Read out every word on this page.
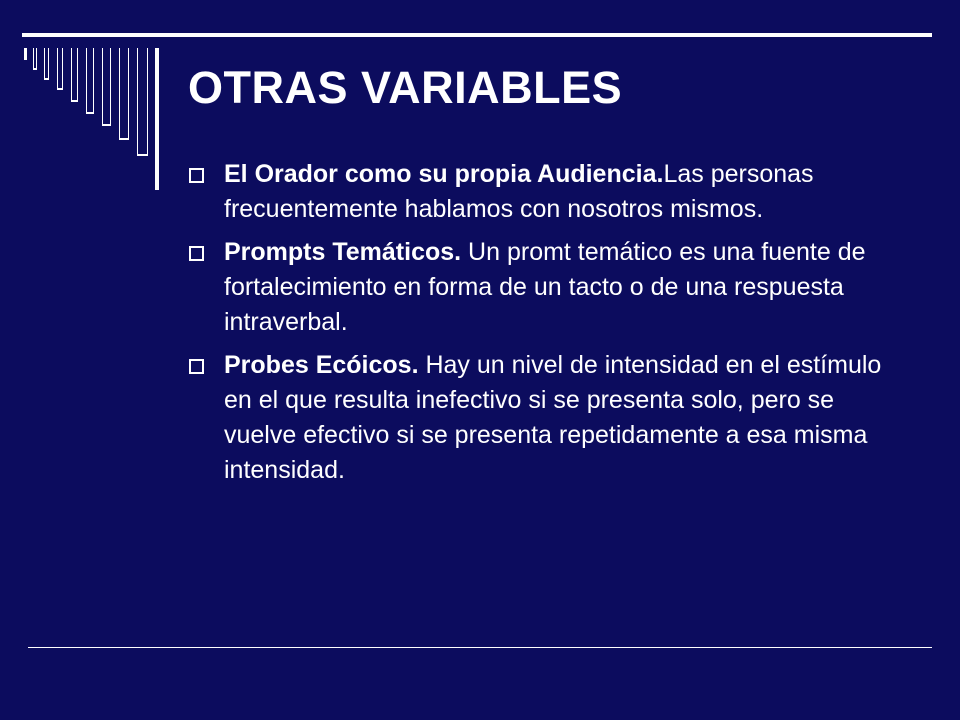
OTRAS VARIABLES
El Orador como su propia Audiencia.Las personas frecuentemente hablamos con nosotros mismos.
Prompts Temáticos. Un promt temático es una fuente de fortalecimiento en forma de un tacto o de una respuesta intraverbal.
Probes Ecóicos. Hay un nivel de intensidad en el estímulo en el que resulta inefectivo si se presenta solo, pero se vuelve efectivo si se presenta repetidamente a esa misma intensidad.
